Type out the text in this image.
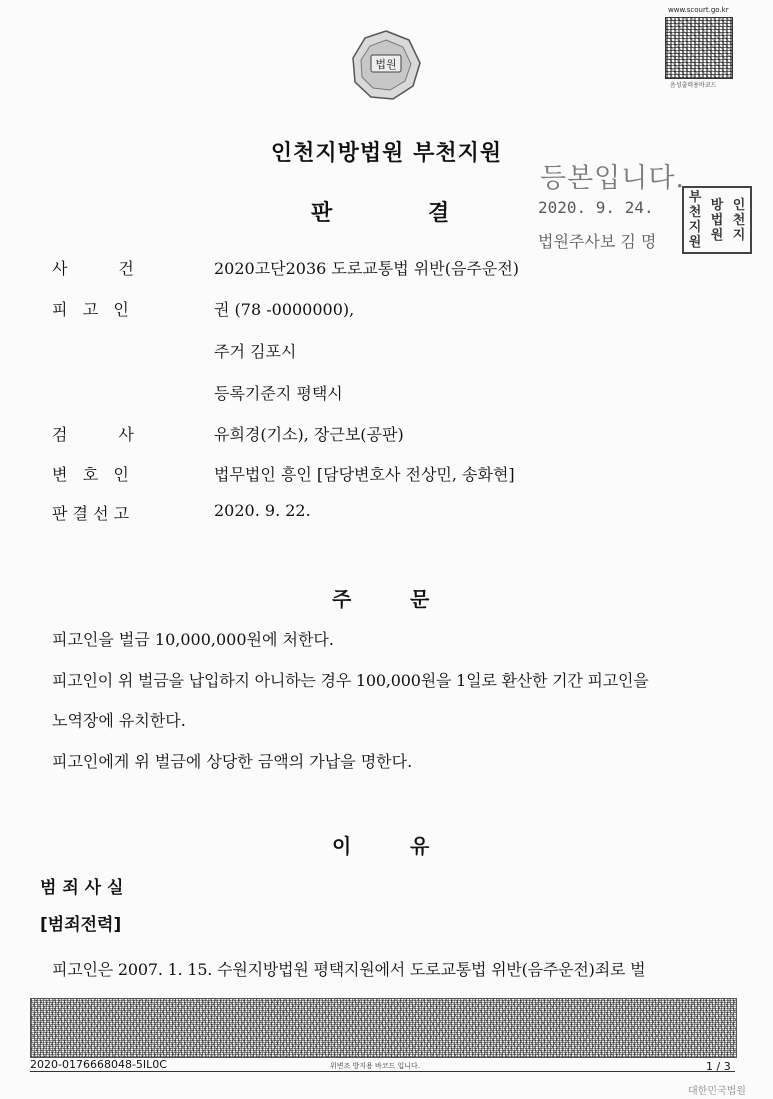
www.scourt.go.kr
음성출력용바코드
법원
인천지방법원 부천지원
등본입니다.
2020. 9. 24.
법원주사보 김 명
인
천
지
방
법
원
부
천
지
원
판	결
사          건	2020고단2036 도로교통법 위반(음주운전)
피   고   인	권 (78 -0000000),
주거 김포시
등록기준지 평택시
검          사	유희경(기소), 장근보(공판)
변   호   인	법무법인 흥인 [담당변호사 전상민, 송화현]
판 결 선 고	2020. 9. 22.
주	문
피고인을 벌금 10,000,000원에 처한다.
피고인이 위 벌금을 납입하지 아니하는 경우 100,000원을 1일로 환산한 기간 피고인을
노역장에 유치한다.
피고인에게 위 벌금에 상당한 금액의 가납을 명한다.
이	유
범 죄 사 실
[범죄전력]
피고인은 2007. 1. 15. 수원지방법원 평택지원에서 도로교통법 위반(음주운전)죄로 벌
2020-0176668048-5IL0C	위변조 방지용 바코드 입니다.	1 / 3
대한민국법원
